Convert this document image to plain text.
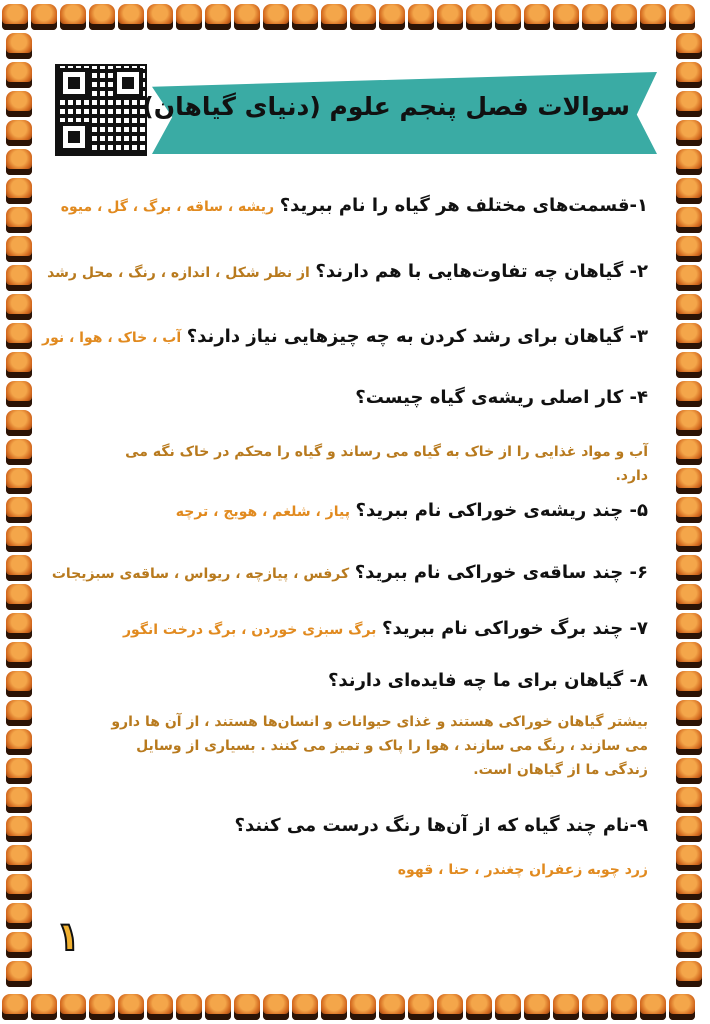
سوالات فصل پنجم علوم (دنیای گیاهان)
۱-قسمت‌های مختلف هر گیاه را نام ببرید؟ ریشه ، ساقه ، برگ ، گل ، میوه
۲- گیاهان چه تفاوت‌هایی با هم دارند؟ از نظر شکل ، اندازه ، رنگ ، محل رشد
۳- گیاهان برای رشد کردن به چه چیزهایی نیاز دارند؟ آب ، خاک ، هوا ، نور
۴- کار اصلی ریشه‌ی گیاه چیست؟
آب و مواد غذایی را از خاک به گیاه می رساند و گیاه را محکم در خاک نگه می دارد.
۵- چند ریشه‌ی خوراکی نام ببرید؟ پیاز ، شلغم ، هویج ، ترچه
۶- چند ساقه‌ی خوراکی نام ببرید؟ کرفس ، پیازچه ، ریواس ، ساقه‌ی سبزیجات
۷- چند برگ خوراکی نام ببرید؟ برگ سبزی خوردن ، برگ درخت انگور
۸- گیاهان برای ما چه فایده‌ای دارند؟
بیشتر گیاهان خوراکی هستند و غذای حیوانات و انسان‌ها هستند ، از آن ها دارو می سازند ، رنگ می سازند ، هوا را پاک و تمیز می کنند . بسیاری از وسایل زندگی ما از گیاهان است.
۹-نام چند گیاه که از آن‌ها رنگ درست می کنند؟
زرد چوبه زعفران چغندر ، حنا ، قهوه
۱
